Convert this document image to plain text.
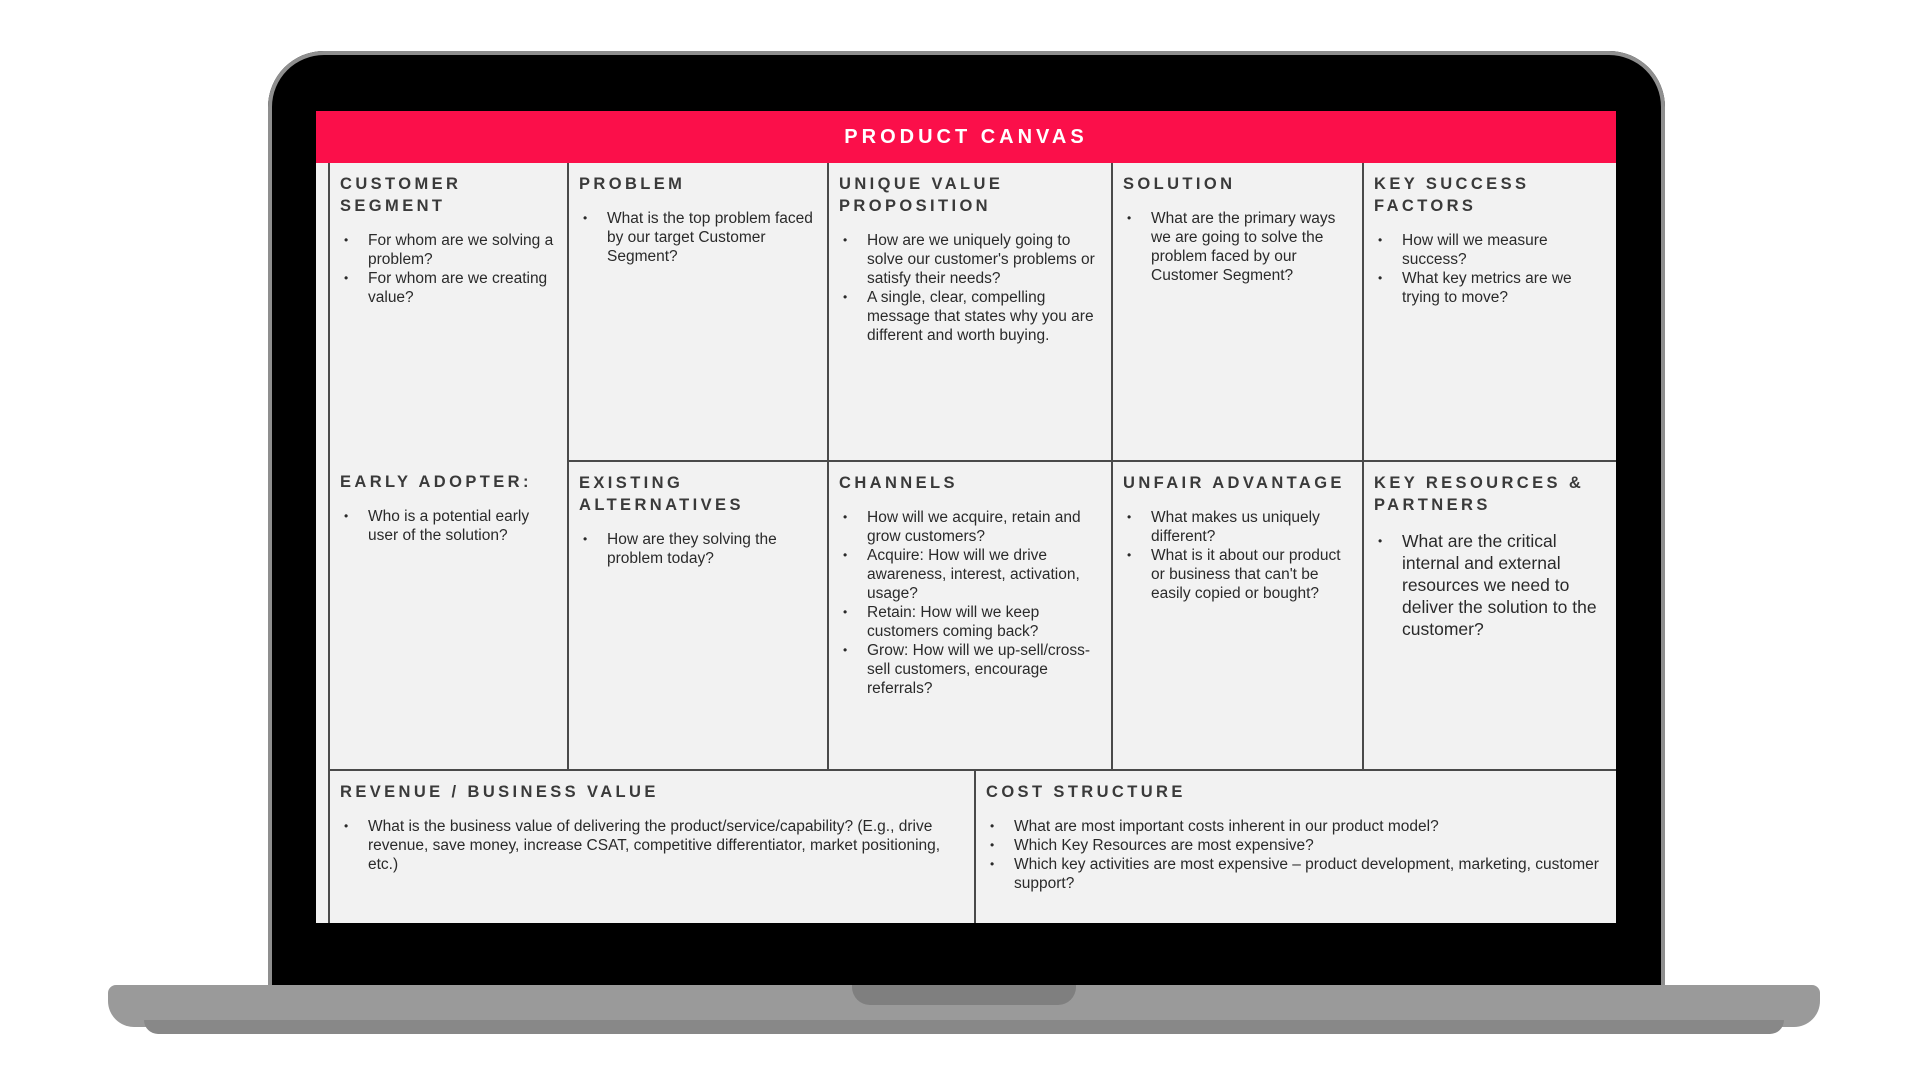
PRODUCT CANVAS
CUSTOMER SEGMENT
• For whom are we solving a problem?
• For whom are we creating value?
PROBLEM
• What is the top problem faced by our target Customer Segment?
UNIQUE VALUE PROPOSITION
• How are we uniquely going to solve our customer's problems or satisfy their needs?
• A single, clear, compelling message that states why you are different and worth buying.
SOLUTION
• What are the primary ways we are going to solve the problem faced by our Customer Segment?
KEY SUCCESS FACTORS
• How will we measure success?
• What key metrics are we trying to move?
EARLY ADOPTER:
• Who is a potential early user of the solution?
EXISTING ALTERNATIVES
• How are they solving the problem today?
CHANNELS
• How will we acquire, retain and grow customers?
• Acquire: How will we drive awareness, interest, activation, usage?
• Retain: How will we keep customers coming back?
• Grow: How will we up-sell/cross-sell customers, encourage referrals?
UNFAIR ADVANTAGE
• What makes us uniquely different?
• What is it about our product or business that can't be easily copied or bought?
KEY RESOURCES & PARTNERS
• What are the critical internal and external resources we need to deliver the solution to the customer?
REVENUE / BUSINESS VALUE
• What is the business value of delivering the product/service/capability? (E.g., drive revenue, save money, increase CSAT, competitive differentiator, market positioning, etc.)
COST STRUCTURE
• What are most important costs inherent in our product model?
• Which Key Resources are most expensive?
• Which key activities are most expensive – product development, marketing, customer support?
